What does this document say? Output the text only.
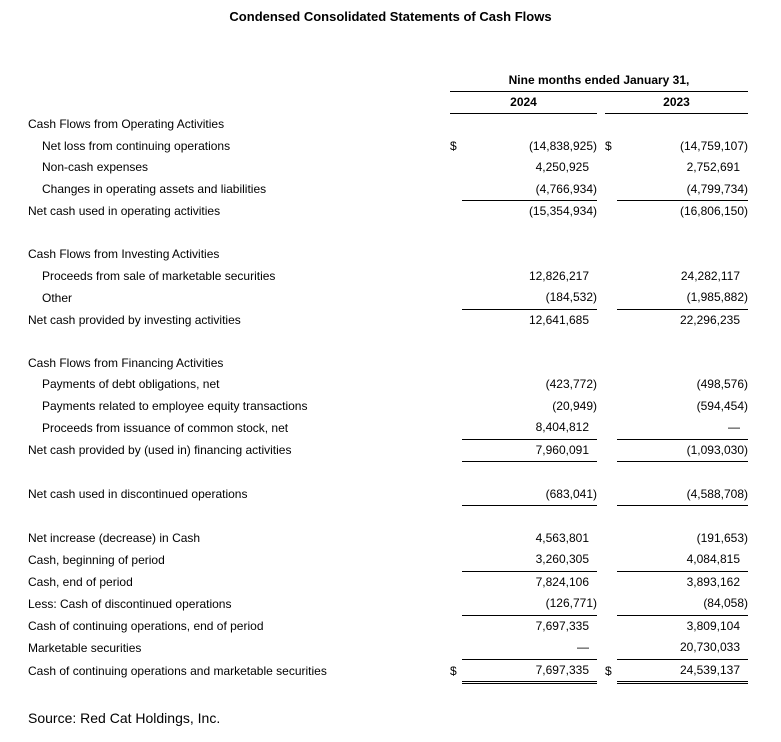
Condensed Consolidated Statements of Cash Flows
	Nine months ended January 31,				
	2024			2023	
Cash Flows from Operating Activities					
Net loss from continuing operations	$	(14,838,925)		$	(14,759,107)
Non-cash expenses		4,250,925			2,752,691
Changes in operating assets and liabilities		(4,766,934)			(4,799,734)
Net cash used in operating activities		(15,354,934)			(16,806,150)

Cash Flows from Investing Activities					
Proceeds from sale of marketable securities		12,826,217			24,282,117
Other		(184,532)			(1,985,882)
Net cash provided by investing activities		12,641,685			22,296,235

Cash Flows from Financing Activities					
Payments of debt obligations, net		(423,772)			(498,576)
Payments related to employee equity transactions		(20,949)			(594,454)
Proceeds from issuance of common stock, net		8,404,812			—
Net cash provided by (used in) financing activities		7,960,091			(1,093,030)

Net cash used in discontinued operations		(683,041)			(4,588,708)

Net increase (decrease) in Cash		4,563,801			(191,653)
Cash, beginning of period		3,260,305			4,084,815
Cash, end of period		7,824,106			3,893,162
Less: Cash of discontinued operations		(126,771)			(84,058)
Cash of continuing operations, end of period		7,697,335			3,809,104
Marketable securities		—			20,730,033
Cash of continuing operations and marketable securities	$	7,697,335		$	24,539,137
Source: Red Cat Holdings, Inc.
